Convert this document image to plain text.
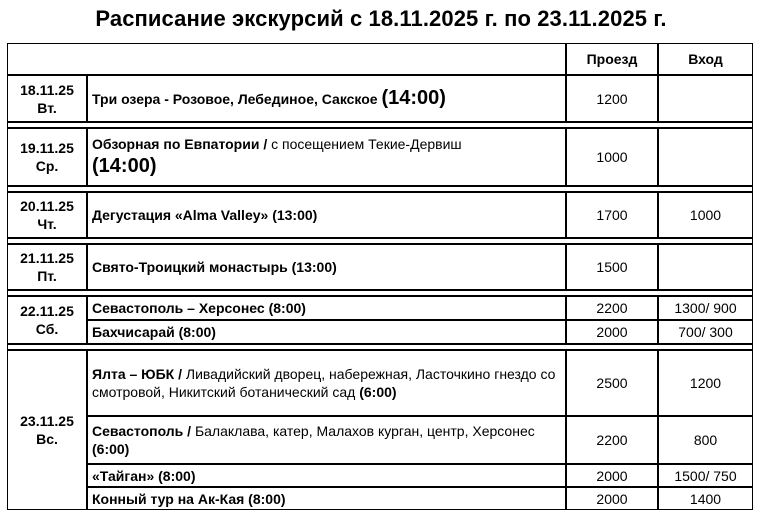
Расписание экскурсий с 18.11.2025 г. по 23.11.2025 г.
		Проезд	Вход

18.11.25
Вт.	Три озера - Розовое, Лебединое, Сакское (14:00)	1200	

19.11.25
Ср.	Обзорная по Евпатории / с посещением Текие-Дервиш
(14:00)	1000	

20.11.25
Чт.	Дегустация «Alma Valley» (13:00)	1700	1000

21.11.25
Пт.	Свято-Троицкий монастырь (13:00)	1500	

22.11.25
Сб.	Севастополь – Херсонес (8:00)	2200	1300/ 900
	Бахчисарай (8:00)	2000	700/ 300

23.11.25
Вс.	Ялта – ЮБК / Ливадийский дворец, набережная, Ласточкино гнездо со смотровой, Никитский ботанический сад (6:00)	2500	1200
	Севастополь / Балаклава, катер, Малахов курган, центр, Херсонес (6:00)	2200	800
	«Тайган» (8:00)	2000	1500/ 750
	Конный тур на Ак-Кая (8:00)	2000	1400
